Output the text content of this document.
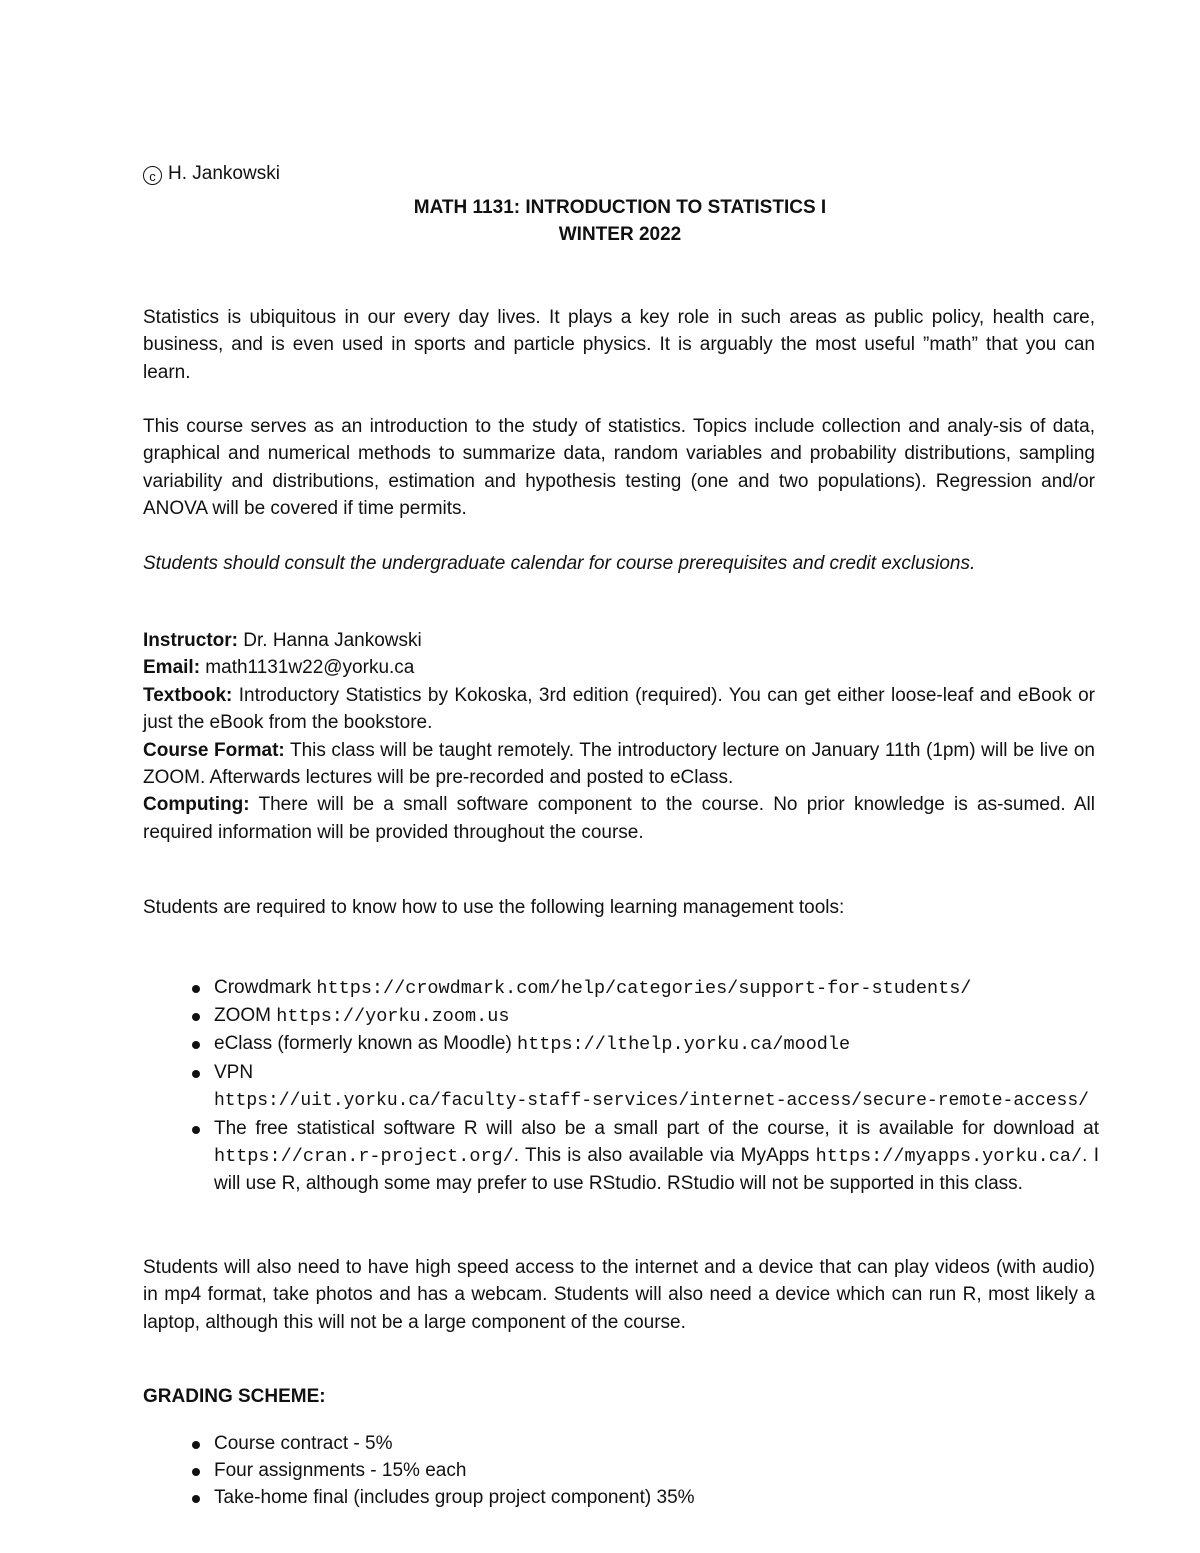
c H. Jankowski
MATH 1131: INTRODUCTION TO STATISTICS I
WINTER 2022
Statistics is ubiquitous in our every day lives. It plays a key role in such areas as public policy, health care, business, and is even used in sports and particle physics. It is arguably the most useful ”math” that you can learn.
This course serves as an introduction to the study of statistics. Topics include collection and analy-sis of data, graphical and numerical methods to summarize data, random variables and probability distributions, sampling variability and distributions, estimation and hypothesis testing (one and two populations). Regression and/or ANOVA will be covered if time permits.
Students should consult the undergraduate calendar for course prerequisites and credit exclusions.
Instructor: Dr. Hanna Jankowski
Email: math1131w22@yorku.ca
Textbook: Introductory Statistics by Kokoska, 3rd edition (required). You can get either loose-leaf and eBook or just the eBook from the bookstore.
Course Format: This class will be taught remotely. The introductory lecture on January 11th (1pm) will be live on ZOOM. Afterwards lectures will be pre-recorded and posted to eClass.
Computing: There will be a small software component to the course. No prior knowledge is as-sumed. All required information will be provided throughout the course.
Students are required to know how to use the following learning management tools:
Crowdmark https://crowdmark.com/help/categories/support-for-students/
ZOOM https://yorku.zoom.us
eClass (formerly known as Moodle) https://lthelp.yorku.ca/moodle
VPN
https://uit.yorku.ca/faculty-staff-services/internet-access/secure-remote-access/
The free statistical software R will also be a small part of the course, it is available for download at https://cran.r-project.org/. This is also available via MyApps https://myapps.yorku.ca/. I will use R, although some may prefer to use RStudio. RStudio will not be supported in this class.
Students will also need to have high speed access to the internet and a device that can play videos (with audio) in mp4 format, take photos and has a webcam. Students will also need a device which can run R, most likely a laptop, although this will not be a large component of the course.
GRADING SCHEME:
Course contract - 5%
Four assignments - 15% each
Take-home final (includes group project component) 35%
